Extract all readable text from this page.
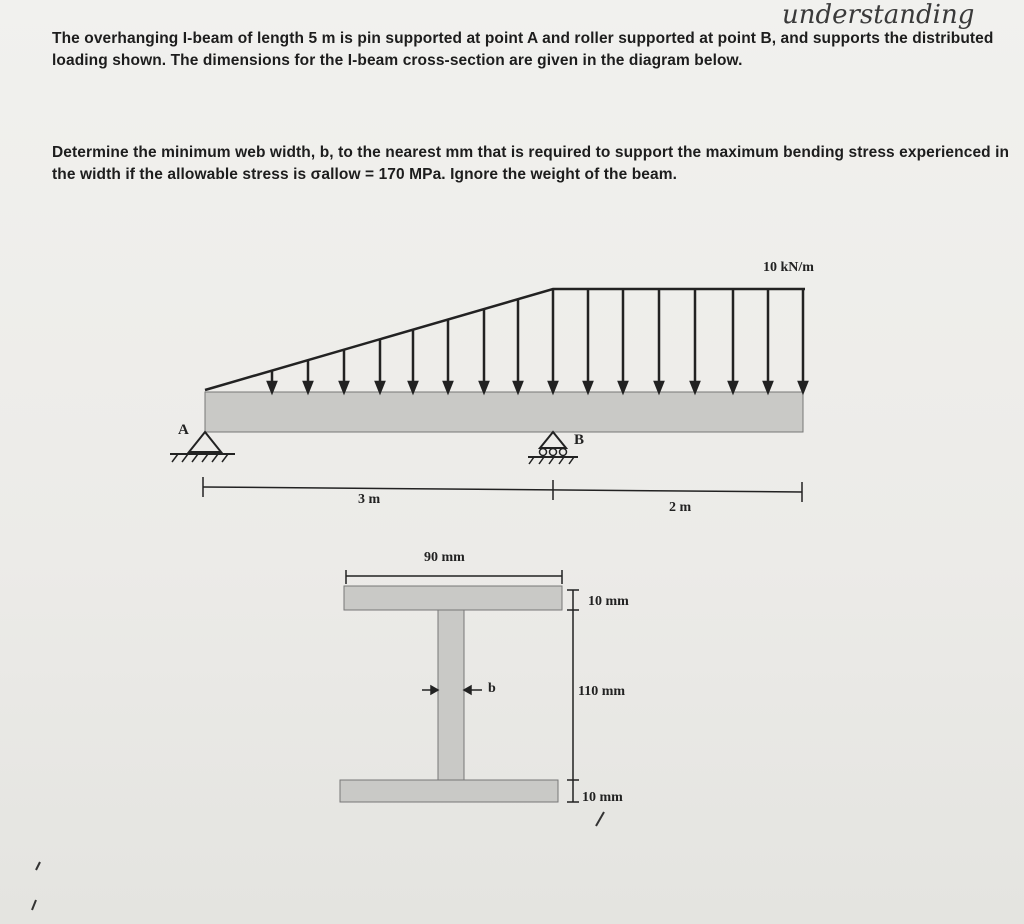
understanding
The overhanging I-beam of length 5 m is pin supported at point A and roller supported at point B, and supports the distributed loading shown. The dimensions for the I-beam cross-section are given in the diagram below.
Determine the minimum web width, b, to the nearest mm that is required to support the maximum bending stress experienced in the width if the allowable stress is σallow = 170 MPa. Ignore the weight of the beam.
10 kN/m
A
B
3 m
2 m
90 mm
10 mm
110 mm
10 mm
b
